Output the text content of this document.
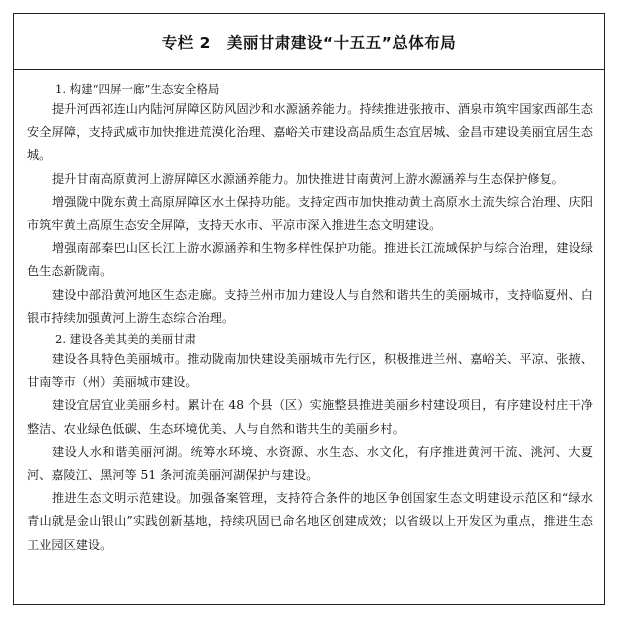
专栏 2　美丽甘肃建设“十五五”总体布局

1. 构建“四屏一廊”生态安全格局

提升河西祁连山内陆河屏障区防风固沙和水源涵养能力。持续推进张掖市、酒泉市筑牢国家西部生态安全屏障，支持武威市加快推进荒漠化治理、嘉峪关市建设高品质生态宜居城、金昌市建设美丽宜居生态城。

提升甘南高原黄河上游屏障区水源涵养能力。加快推进甘南黄河上游水源涵养与生态保护修复。

增强陇中陇东黄土高原屏障区水土保持功能。支持定西市加快推动黄土高原水土流失综合治理、庆阳市筑牢黄土高原生态安全屏障，支持天水市、平凉市深入推进生态文明建设。

增强南部秦巴山区长江上游水源涵养和生物多样性保护功能。推进长江流域保护与综合治理，建设绿色生态新陇南。

建设中部沿黄河地区生态走廊。支持兰州市加力建设人与自然和谐共生的美丽城市，支持临夏州、白银市持续加强黄河上游生态综合治理。

2. 建设各美其美的美丽甘肃

建设各具特色美丽城市。推动陇南加快建设美丽城市先行区，积极推进兰州、嘉峪关、平凉、张掖、甘南等市（州）美丽城市建设。

建设宜居宜业美丽乡村。累计在 48 个县（区）实施整县推进美丽乡村建设项目，有序建设村庄干净整洁、农业绿色低碳、生态环境优美、人与自然和谐共生的美丽乡村。

建设人水和谐美丽河湖。统筹水环境、水资源、水生态、水文化，有序推进黄河干流、洮河、大夏河、嘉陵江、黑河等 51 条河流美丽河湖保护与建设。

推进生态文明示范建设。加强备案管理，支持符合条件的地区争创国家生态文明建设示范区和“绿水青山就是金山银山”实践创新基地，持续巩固已命名地区创建成效；以省级以上开发区为重点，推进生态工业园区建设。
